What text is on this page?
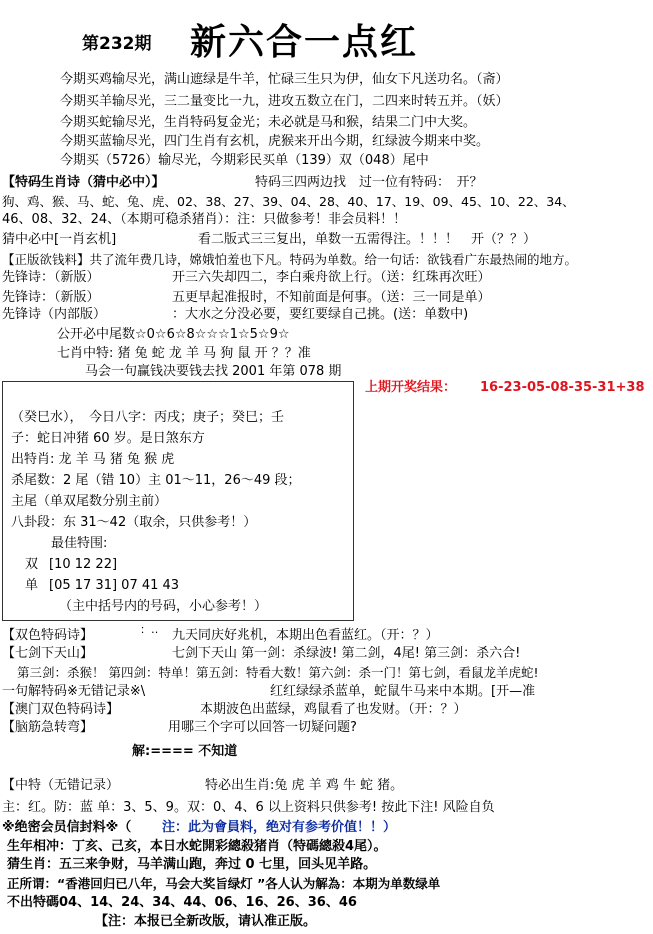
第232期 新六合一点红
今期买鸡输尽光，满山遮绿是牛羊，忙碌三生只为伊，仙女下凡送功名。（斋）
今期买羊输尽光，三二量变比一九，进攻五数立在门，二四来时转五并。（妖）
今期买蛇输尽光，生肖特码复金光；未必就是马和猴，结果二门中大奖。
今期买蓝输尽光，四门生肖有玄机，虎猴来开出今期，红绿波今期来中奖。
今期买（5726）输尽光，今期彩民买单（139）双（048）尾中
【特码生肖诗（猜中必中）】	特码三四两边找　过一位有特码：　开？
狗、鸡、猴、马、蛇、兔、虎、02、38、27、39、04、28、40、17、19、09、45、10、22、34、
46、08、32、24、（本期可稳杀猪肖）：注：只做参考！非会员料！！
猜中必中[一肖玄机]	看二版式三三复出，单数一五需得注。！！！　开（？？）
【正版欲钱料】共了流年费几诗，嫦娥怕羞也下凡。特码为单数。给一句话：欲钱看广东最热闹的地方。
先锋诗：（新版）	开三六失却四二，李白乘舟欲上行。（送：红珠再次旺）
先锋诗：（新版）	五更早起准报时，不知前面是何事。（送：三一同是单）
先锋诗（内部版）	：大水之分没必要，要红要绿自己挑。(送：单数中)
公开必中尾数☆0☆6☆8☆☆☆1☆5☆9☆
七肖中特: 猪 兔 蛇 龙 羊 马 狗 鼠 开 ？？准
马会一句赢钱决要钱去找 2001 年第 078 期
上期开奖结果： 16-23-05-08-35-31+38
（癸巳水），　今日八字：丙戌；庚子；癸巳；壬
子：蛇日冲猪 60 岁。是日煞东方
出特肖: 龙 羊 马 猪 兔 猴 虎
杀尾数：2 尾（错 10）主 01～11，26～49 段；
主尾（单双尾数分别主前）
八卦段：东 31～42（取余，只供参考！）
最佳特围:
双 [10 12 22]
单 [05 17 31] 07 41 43
（主中括号内的号码，小心参考！）
【双色特码诗】	：‥ 九天同庆好兆机，本期出色看蓝红。（开：？）
【七剑下天山】	七剑下天山 第一剑：杀绿波! 第二剑，4尾! 第三剑：杀六合!
第三剑：杀猴！ 第四剑：特单！第五剑：特看大数！第六剑：杀一门！第七剑，看鼠龙羊虎蛇!
一句解特码※无错记录※\	红红绿绿杀蓝单，蛇鼠牛马来中本期。[开—准
【澳门双色特码诗】	本期波色出蓝绿，鸡鼠看了也发财。（开：？）
【脑筋急转弯】	用哪三个字可以回答一切疑问题?
解:==== 不知道
【中特（无错记录）	特必出生肖:兔 虎 羊 鸡 牛 蛇 猪。
主：红。防：蓝 单：3、5、9。双：0、4、6 以上资料只供参考! 按此下注! 风险自负
※绝密会员信封料※（ 注：此为會員料，绝对有参考价值！！）
生年相冲：丁亥、己亥，本日水蛇開彩總殺猪肖（特碼總殺4尾）。
猜生肖：五三来争财，马羊满山跑，奔过 0 七里，回头见羊路。
正所谓：“香港回归已八年，马会大奖旨绿灯 ”各人认为解為：本期为单数绿单
不出特碼04、14、24、34、44、06、16、26、36、46
【注：本报已全新改版，请认准正版。
